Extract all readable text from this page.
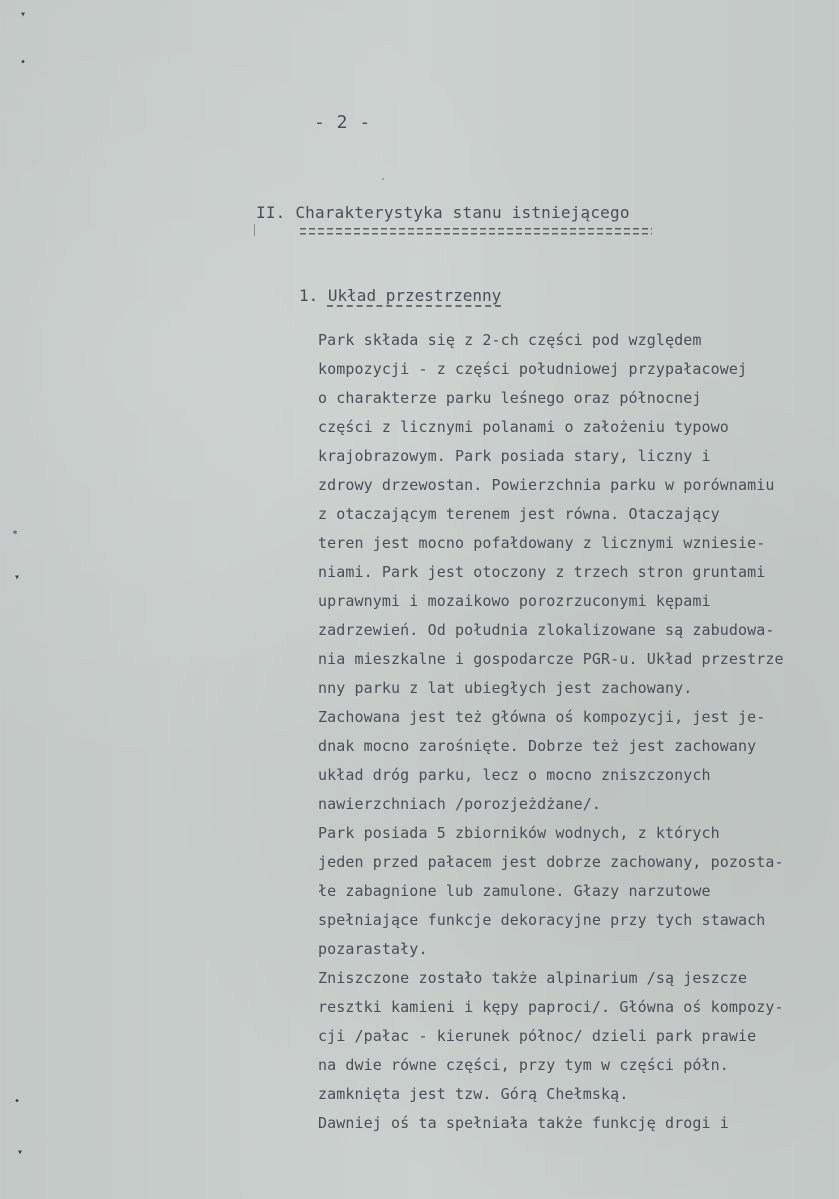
▾
•
*
▾
•
▾
- 2 -
II. Charakterystyka stanu istniejącego
1. Układ przestrzenny
Park składa się z 2-ch części pod względem
kompozycji - z części południowej przypałacowej
o charakterze parku leśnego oraz północnej
części z licznymi polanami o założeniu typowo
krajobrazowym. Park posiada stary, liczny i
zdrowy drzewostan. Powierzchnia parku w porównamiu
z otaczającym terenem jest równa. Otaczający
teren jest mocno pofałdowany z licznymi wzniesie-
niami. Park jest otoczony z trzech stron gruntami
uprawnymi i mozaikowo porozrzuconymi kępami
zadrzewień. Od południa zlokalizowane są zabudowa-
nia mieszkalne i gospodarcze PGR-u. Układ przestrze
nny parku z lat ubiegłych jest zachowany.
Zachowana jest też główna oś kompozycji, jest je-
dnak mocno zarośnięte. Dobrze też jest zachowany
układ dróg parku, lecz o mocno zniszczonych
nawierzchniach /porozjeżdżane/.
Park posiada 5 zbiorników wodnych, z których
jeden przed pałacem jest dobrze zachowany, pozosta-
łe zabagnione lub zamulone. Głazy narzutowe
spełniające funkcje dekoracyjne przy tych stawach
pozarastały.
Zniszczone zostało także alpinarium /są jeszcze
resztki kamieni i kępy paproci/. Główna oś kompozy-
cji /pałac - kierunek północ/ dzieli park prawie
na dwie równe części, przy tym w części półn.
zamknięta jest tzw. Górą Chełmską.
Dawniej oś ta spełniała także funkcję drogi i
